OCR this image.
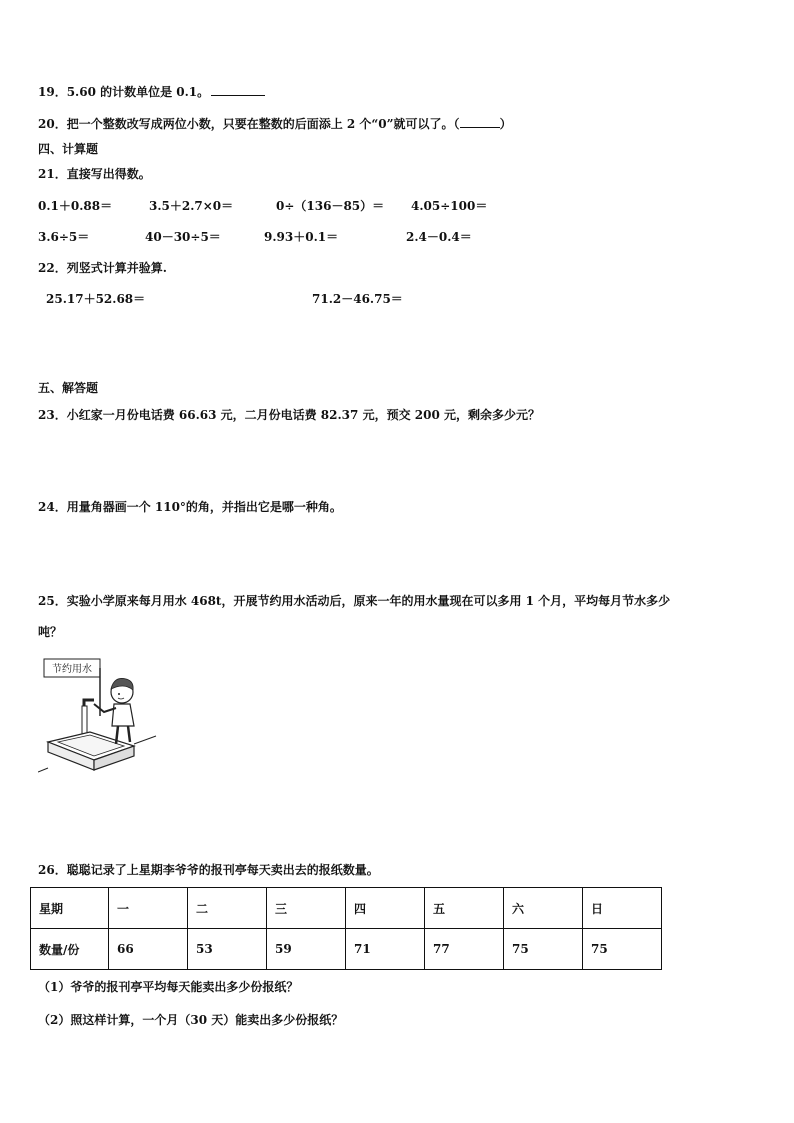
19．5.60 的计数单位是 0.1。
20．把一个整数改写成两位小数，只要在整数的后面添上 2 个“0”就可以了。（	）
四、计算题
21．直接写出得数。
0.1＋0.88＝	3.5＋2.7×0＝	0÷（136－85）＝ 4.05÷100＝
3.6÷5＝	40－30÷5＝	9.93＋0.1＝	2.4－0.4＝
22．列竖式计算并验算.
25.17＋52.68＝	71.2－46.75＝
五、解答题
23．小红家一月份电话费 66.63 元，二月份电话费 82.37 元，预交 200 元，剩余多少元？
24．用量角器画一个 110°的角，并指出它是哪一种角。
25．实验小学原来每月用水 468t，开展节约用水活动后，原来一年的用水量现在可以多用 1 个月，平均每月节水多少
吨？
节约用水
26．聪聪记录了上星期李爷爷的报刊亭每天卖出去的报纸数量。
星期	一	二	三	四	五	六	日
数量/份	66	53	59	71	77	75	75
（1）爷爷的报刊亭平均每天能卖出多少份报纸？
（2）照这样计算，一个月（30 天）能卖出多少份报纸？
